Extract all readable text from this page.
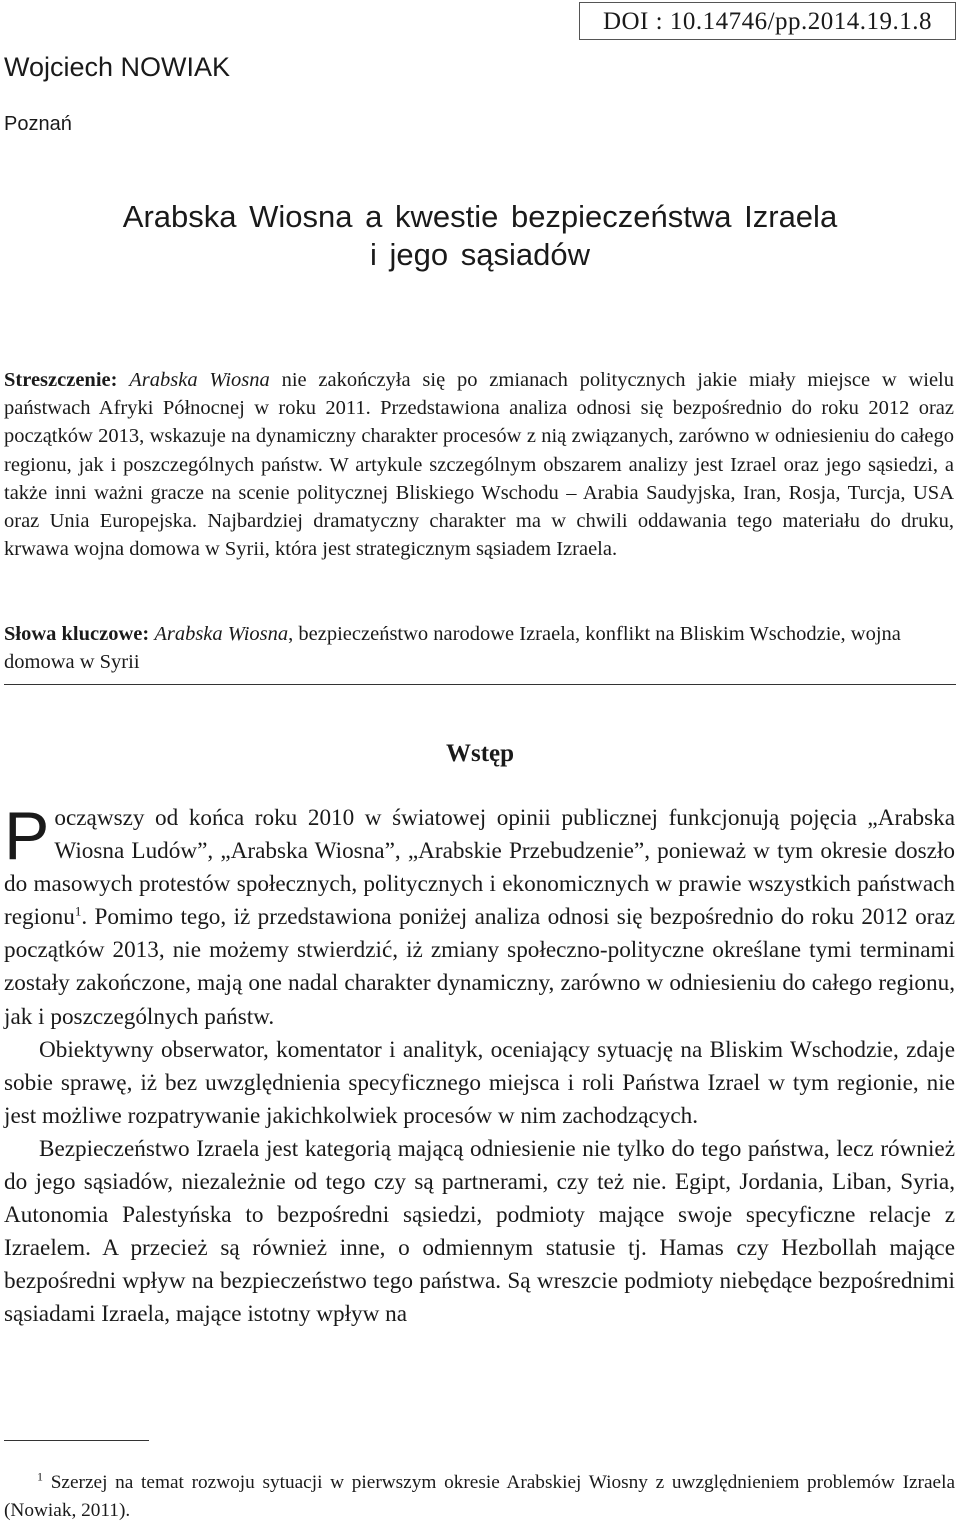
DOI : 10.14746/pp.2014.19.1.8
Wojciech NOWIAK
Poznań
Arabska Wiosna a kwestie bezpieczeństwa Izraela
i jego sąsiadów

Streszczenie: Arabska Wiosna nie zakończyła się po zmianach politycznych jakie miały miejsce w wielu państwach Afryki Północnej w roku 2011. Przedstawiona analiza odnosi się bezpośrednio do roku 2012 oraz początków 2013, wskazuje na dynamiczny charakter procesów z nią związanych, zarówno w odniesieniu do całego regionu, jak i poszczególnych państw. W artykule szczególnym obszarem analizy jest Izrael oraz jego sąsiedzi, a także inni ważni gracze na scenie politycznej Bliskiego Wschodu – Arabia Saudyjska, Iran, Rosja, Turcja, USA oraz Unia Europejska. Najbardziej dramatyczny charakter ma w chwili oddawania tego materiału do druku, krwawa wojna domowa w Syrii, która jest strategicznym sąsiadem Izraela.

Słowa kluczowe: Arabska Wiosna, bezpieczeństwo narodowe Izraela, konflikt na Bliskim Wschodzie, wojna domowa w Syrii

Wstęp

Począwszy od końca roku 2010 w światowej opinii publicznej funkcjonują pojęcia „Arabska Wiosna Ludów”, „Arabska Wiosna”, „Arabskie Przebudzenie”, ponieważ w tym okresie doszło do masowych protestów społecznych, politycznych i ekonomicznych w prawie wszystkich państwach regionu$^1$. Pomimo tego, iż przedstawiona poniżej analiza odnosi się bezpośrednio do roku 2012 oraz początków 2013, nie możemy stwierdzić, iż zmiany społeczno-polityczne określane tymi terminami zostały zakończone, mają one nadal charakter dynamiczny, zarówno w odniesieniu do całego regionu, jak i poszczególnych państw.

Obiektywny obserwator, komentator i analityk, oceniający sytuację na Bliskim Wschodzie, zdaje sobie sprawę, iż bez uwzględnienia specyficznego miejsca i roli Państwa Izrael w tym regionie, nie jest możliwe rozpatrywanie jakichkolwiek procesów w nim zachodzących.

Bezpieczeństwo Izraela jest kategorią mającą odniesienie nie tylko do tego państwa, lecz również do jego sąsiadów, niezależnie od tego czy są partnerami, czy też nie. Egipt, Jordania, Liban, Syria, Autonomia Palestyńska to bezpośredni sąsiedzi, podmioty mające swoje specyficzne relacje z Izraelem. A przecież są również inne, o odmiennym statusie tj. Hamas czy Hezbollah mające bezpośredni wpływ na bezpieczeństwo tego państwa. Są wreszcie podmioty niebędące bezpośrednimi sąsiadami Izraela, mające istotny wpływ na

$^1$ Szerzej na temat rozwoju sytuacji w pierwszym okresie Arabskiej Wiosny z uwzględnieniem problemów Izraela (Nowiak, 2011).
